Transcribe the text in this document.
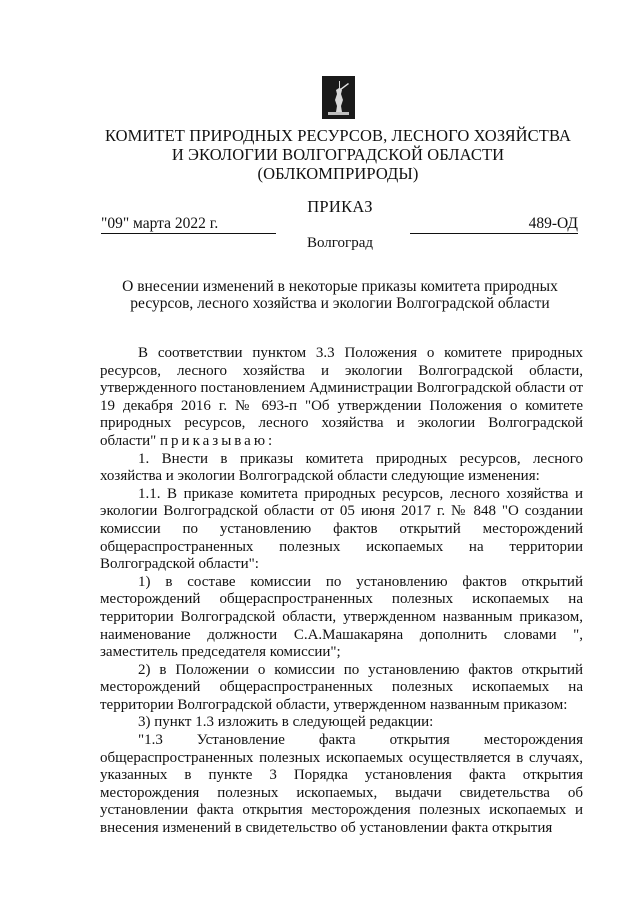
КОМИТЕТ ПРИРОДНЫХ РЕСУРСОВ, ЛЕСНОГО ХОЗЯЙСТВА
И ЭКОЛОГИИ ВОЛГОГРАДСКОЙ ОБЛАСТИ
(ОБЛКОМПРИРОДЫ)
ПРИКАЗ
"09" марта 2022 г.	489-ОД
Волгоград
О внесении изменений в некоторые приказы комитета природных
ресурсов, лесного хозяйства и экологии Волгоградской области

В соответствии пунктом 3.3 Положения о комитете природных ресурсов, лесного хозяйства и экологии Волгоградской области, утвержденного постановлением Администрации Волгоградской области от 19 декабря 2016 г. № 693-п "Об утверждении Положения о комитете природных ресурсов, лесного хозяйства и экологии Волгоградской области" приказываю:

1. Внести в приказы комитета природных ресурсов, лесного хозяйства и экологии Волгоградской области следующие изменения:

1.1. В приказе комитета природных ресурсов, лесного хозяйства и экологии Волгоградской области от 05 июня 2017 г. № 848 "О создании комиссии по установлению фактов открытий месторождений общераспространенных полезных ископаемых на территории Волгоградской области":

1) в составе комиссии по установлению фактов открытий месторождений общераспространенных полезных ископаемых на территории Волгоградской области, утвержденном названным приказом, наименование должности С.А.Машакаряна дополнить словами ", заместитель председателя комиссии";

2) в Положении о комиссии по установлению фактов открытий месторождений общераспространенных полезных ископаемых на территории Волгоградской области, утвержденном названным приказом:

3) пункт 1.3 изложить в следующей редакции:

"1.3 Установление факта открытия месторождения общераспространенных полезных ископаемых осуществляется в случаях, указанных в пункте 3 Порядка установления факта открытия месторождения полезных ископаемых, выдачи свидетельства об установлении факта открытия месторождения полезных ископаемых и внесения изменений в свидетельство об установлении факта открытия
